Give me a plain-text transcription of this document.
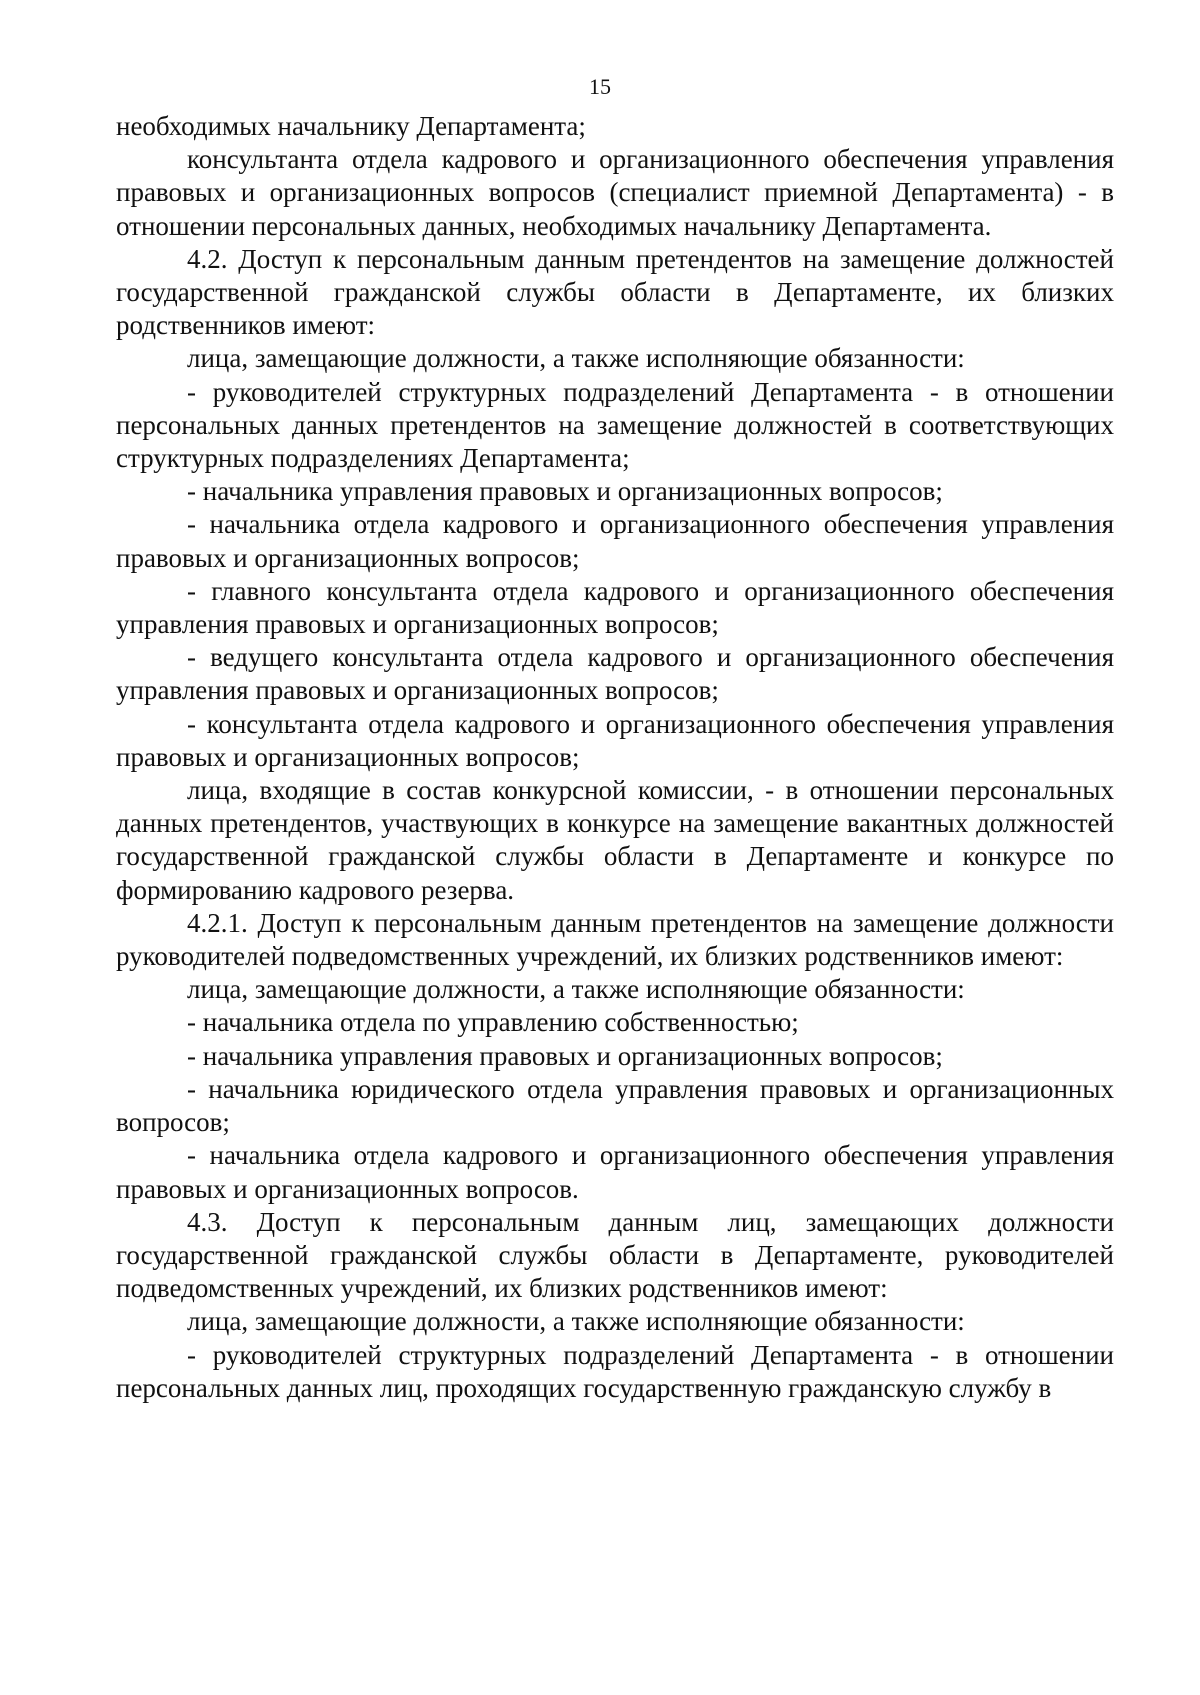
15

необходимых начальнику Департамента;

консультанта отдела кадрового и организационного обеспечения управления правовых и организационных вопросов (специалист приемной Департамента) - в отношении персональных данных, необходимых начальнику Департамента.

4.2. Доступ к персональным данным претендентов на замещение должностей государственной гражданской службы области в Департаменте, их близких родственников имеют:

лица, замещающие должности, а также исполняющие обязанности:

- руководителей структурных подразделений Департамента - в отношении персональных данных претендентов на замещение должностей в соответствующих структурных подразделениях Департамента;

- начальника управления правовых и организационных вопросов;

- начальника отдела кадрового и организационного обеспечения управления правовых и организационных вопросов;

- главного консультанта отдела кадрового и организационного обеспечения управления правовых и организационных вопросов;

- ведущего консультанта отдела кадрового и организационного обеспечения управления правовых и организационных вопросов;

- консультанта отдела кадрового и организационного обеспечения управления правовых и организационных вопросов;

лица, входящие в состав конкурсной комиссии, - в отношении персональных данных претендентов, участвующих в конкурсе на замещение вакантных должностей государственной гражданской службы области в Департаменте и конкурсе по формированию кадрового резерва.

4.2.1. Доступ к персональным данным претендентов на замещение должности руководителей подведомственных учреждений, их близких родственников имеют:

лица, замещающие должности, а также исполняющие обязанности:

- начальника отдела по управлению собственностью;

- начальника управления правовых и организационных вопросов;

- начальника юридического отдела управления правовых и организационных вопросов;

- начальника отдела кадрового и организационного обеспечения управления правовых и организационных вопросов.

4.3. Доступ к персональным данным лиц, замещающих должности государственной гражданской службы области в Департаменте, руководителей подведомственных учреждений, их близких родственников имеют:

лица, замещающие должности, а также исполняющие обязанности:

- руководителей структурных подразделений Департамента - в отношении персональных данных лиц, проходящих государственную гражданскую службу в
